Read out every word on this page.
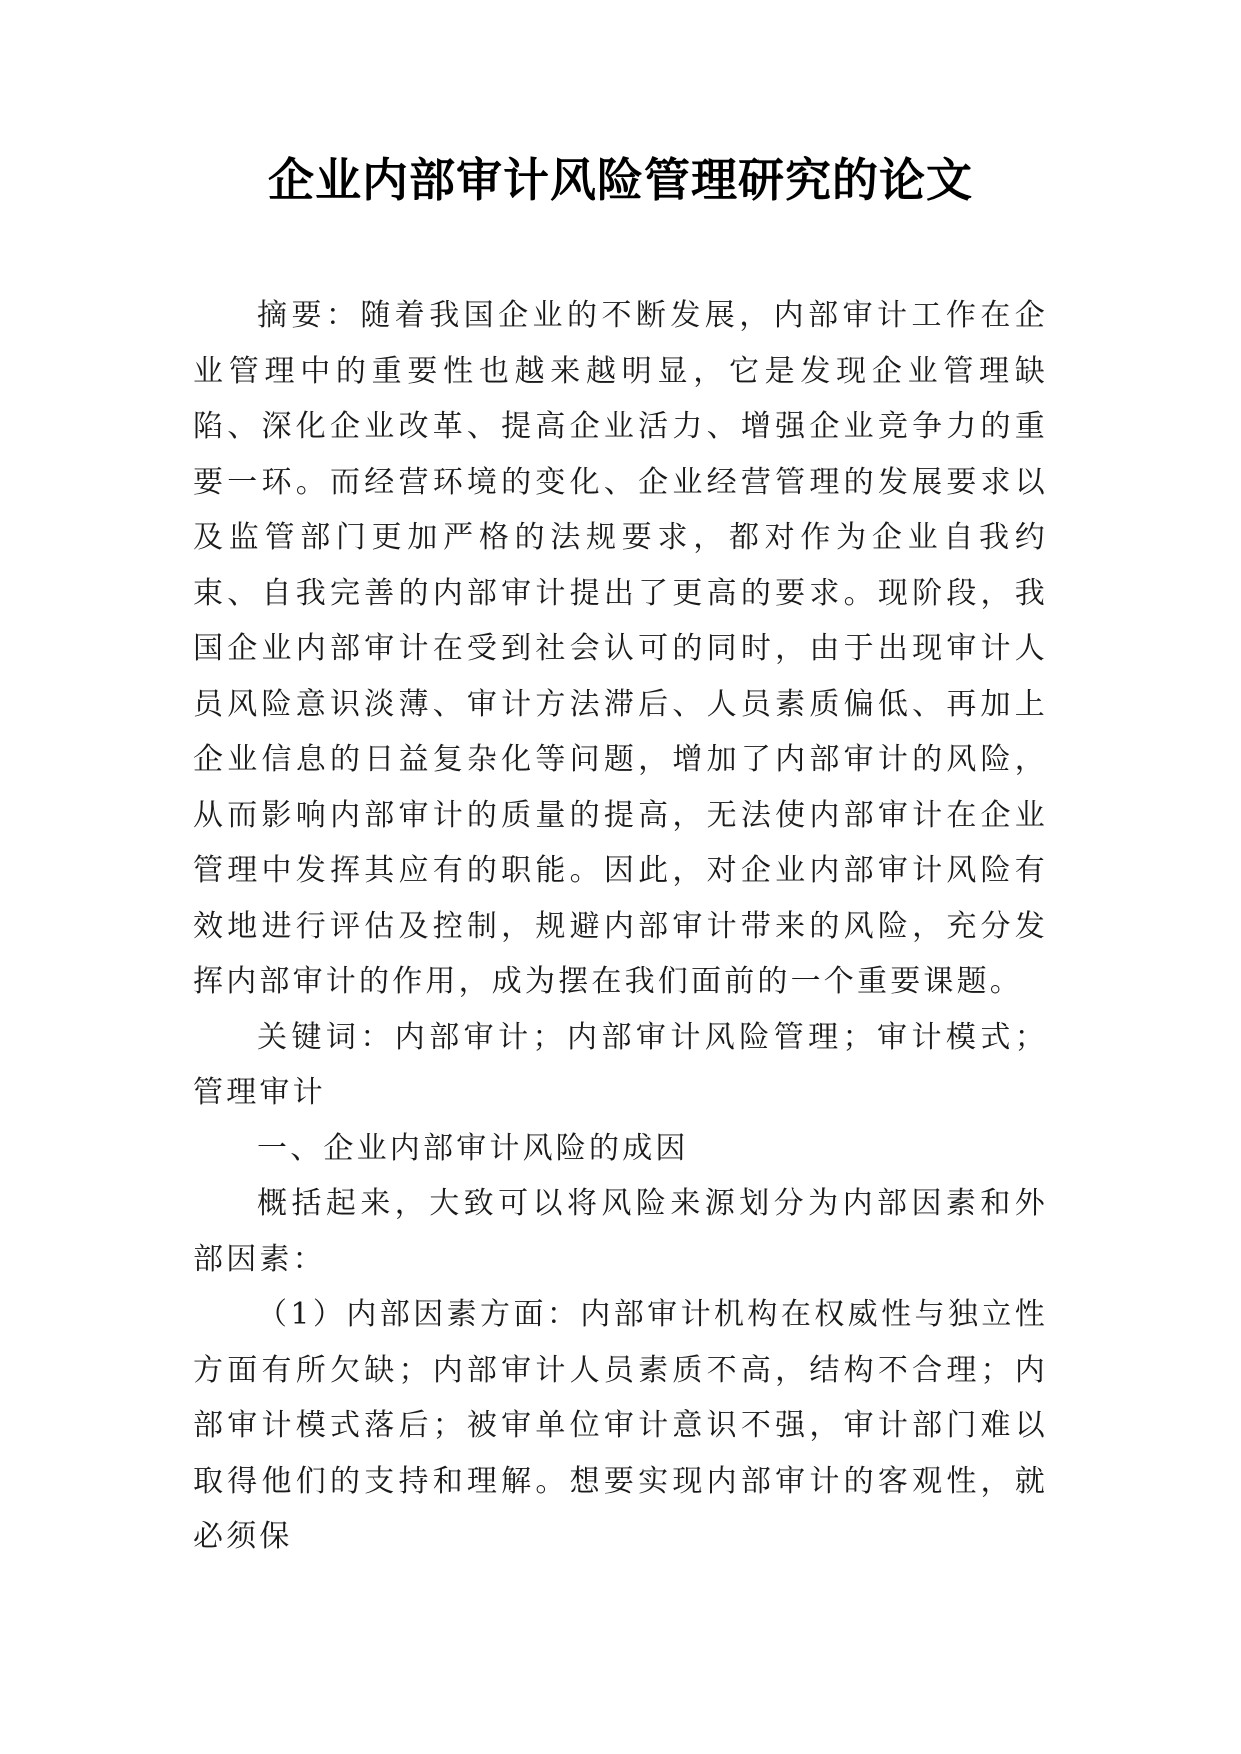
企业内部审计风险管理研究的论文

摘要：随着我国企业的不断发展，内部审计工作在企业管理中的重要性也越来越明显，它是发现企业管理缺陷、深化企业改革、提高企业活力、增强企业竞争力的重要一环。而经营环境的变化、企业经营管理的发展要求以及监管部门更加严格的法规要求，都对作为企业自我约束、自我完善的内部审计提出了更高的要求。现阶段，我国企业内部审计在受到社会认可的同时，由于出现审计人员风险意识淡薄、审计方法滞后、人员素质偏低、再加上企业信息的日益复杂化等问题，增加了内部审计的风险，从而影响内部审计的质量的提高，无法使内部审计在企业管理中发挥其应有的职能。因此，对企业内部审计风险有效地进行评估及控制，规避内部审计带来的风险，充分发挥内部审计的作用，成为摆在我们面前的一个重要课题。

关键词：内部审计；内部审计风险管理；审计模式；管理审计

一、企业内部审计风险的成因

概括起来，大致可以将风险来源划分为内部因素和外部因素：

（1）内部因素方面：内部审计机构在权威性与独立性方面有所欠缺；内部审计人员素质不高，结构不合理；内部审计模式落后；被审单位审计意识不强，审计部门难以取得他们的支持和理解。想要实现内部审计的客观性，就必须保
